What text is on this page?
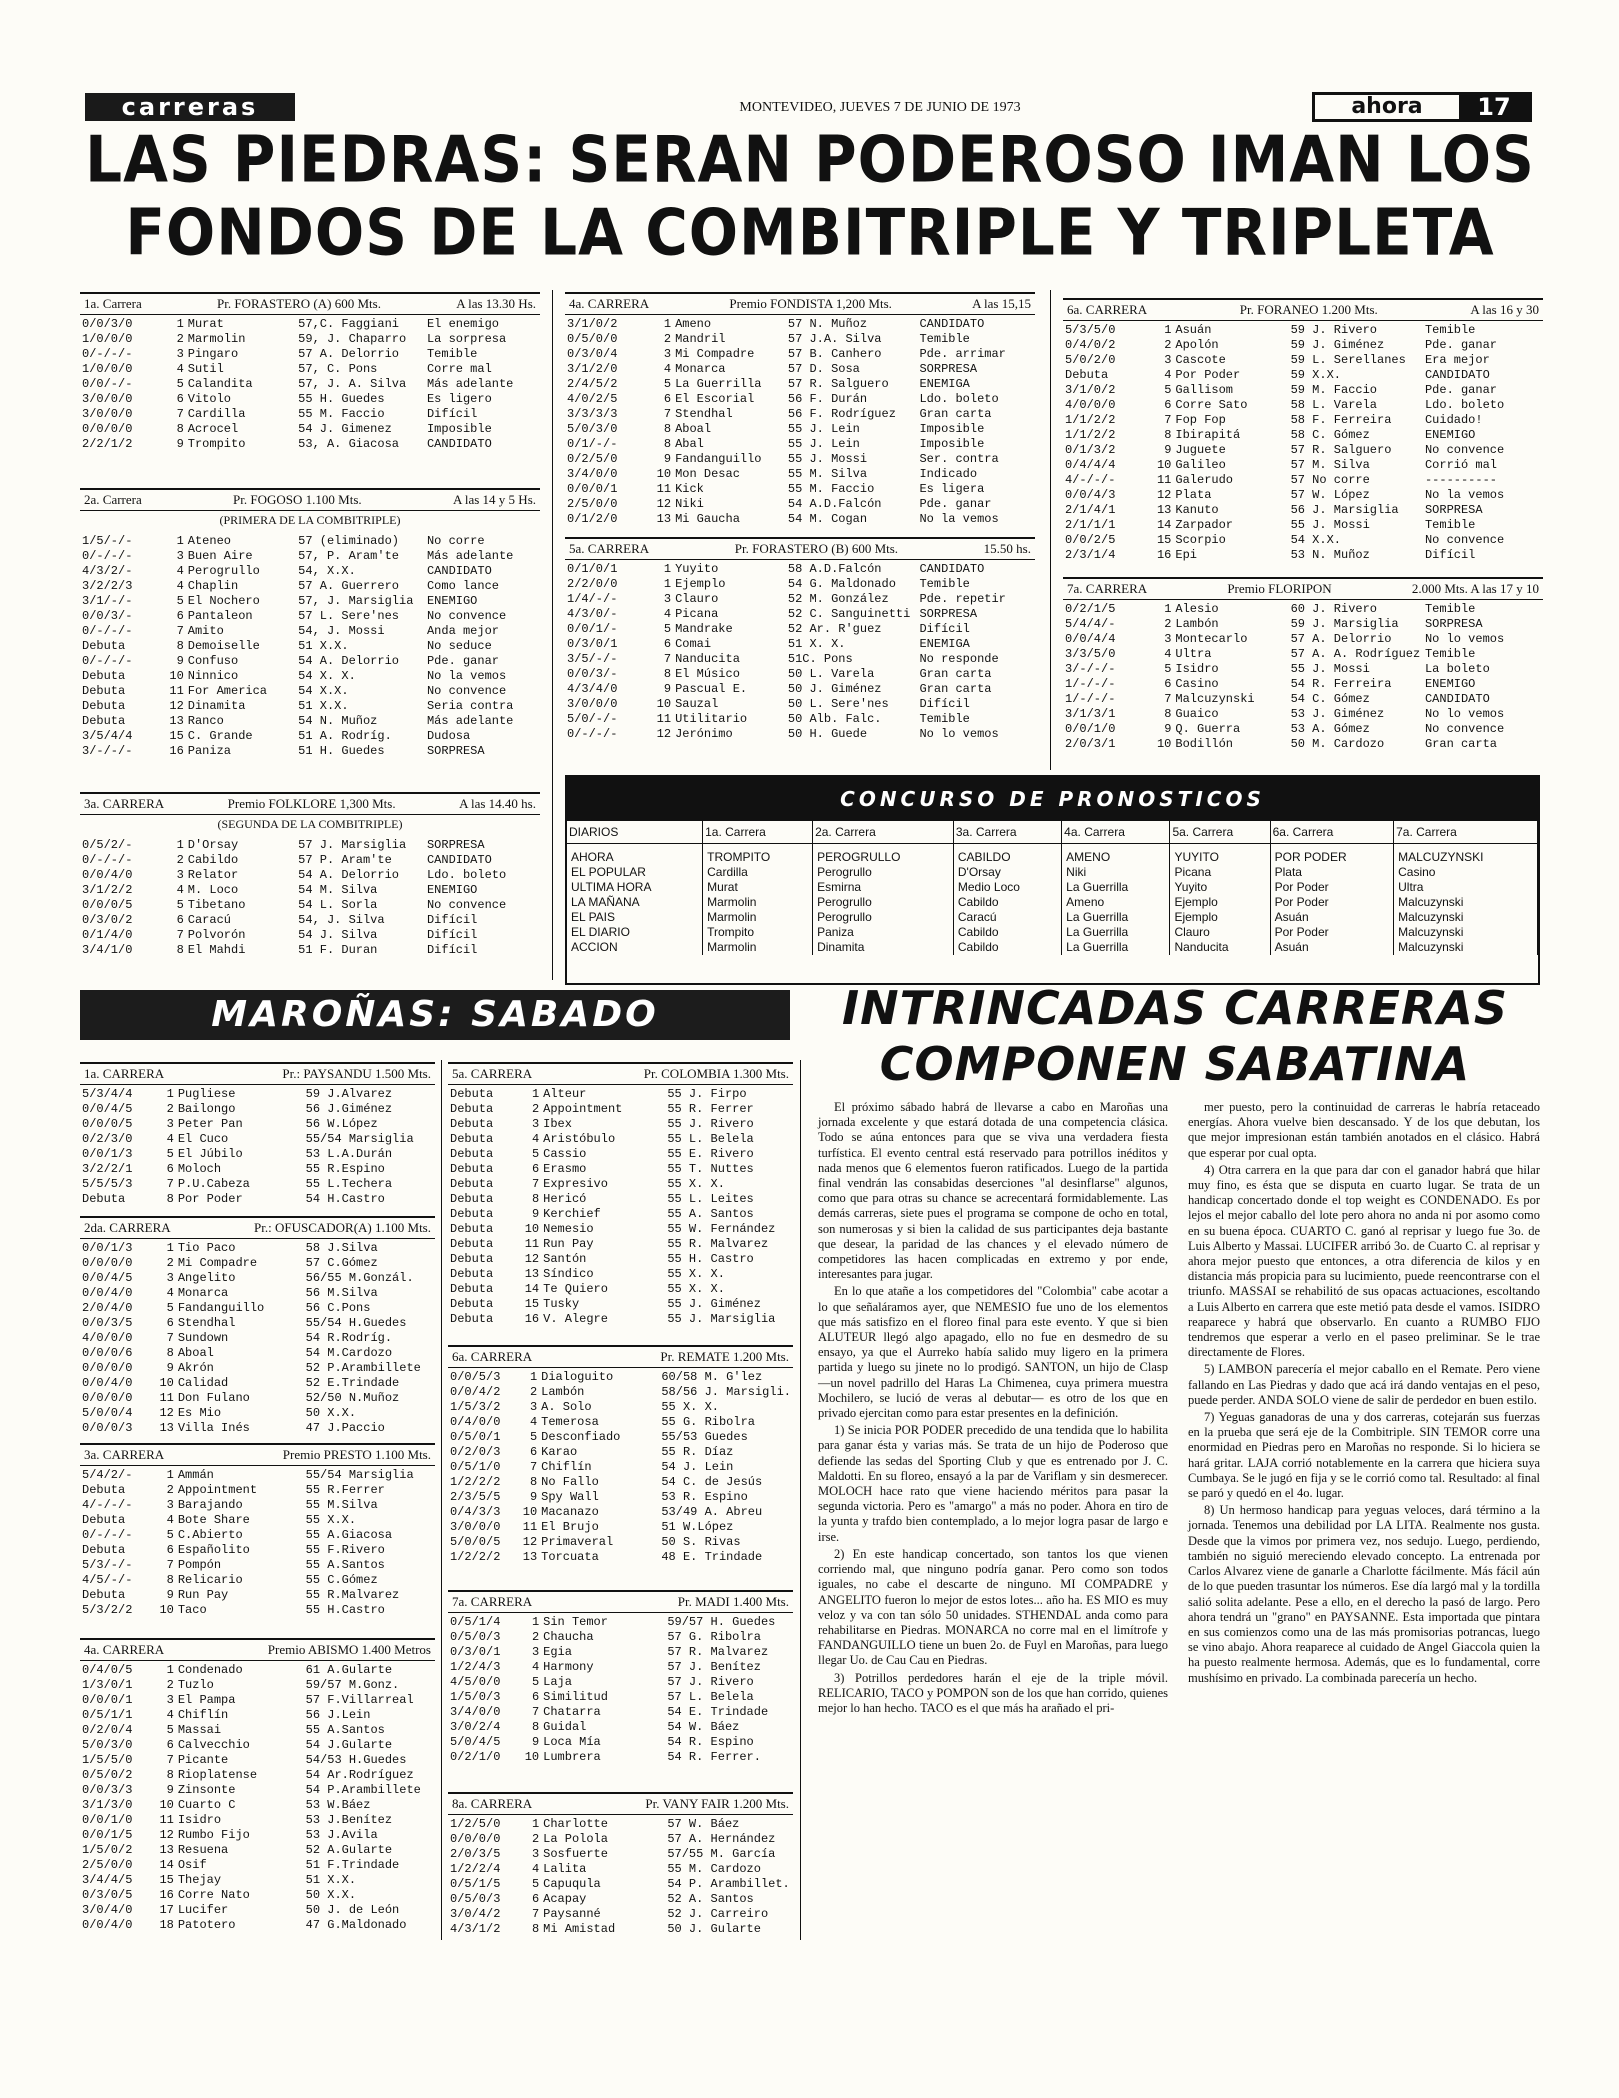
carreras	MONTEVIDEO, JUEVES 7 DE JUNIO DE 1973	ahora	17
LAS PIEDRAS: SERAN PODEROSO IMAN LOS
FONDOS DE LA COMBITRIPLE Y TRIPLETA
1a. Carrera	Pr. FORASTERO (A) 600 Mts.	A las 13.30 Hs.
0/0/3/0	1	Murat	57,C. Faggiani	El enemigo
1/0/0/0	2	Marmolin	59, J. Chaparro	La sorpresa
0/-/-/-	3	Pingaro	57 A. Delorrio	Temible
1/0/0/0	4	Sutil	57, C. Pons	Corre mal
0/0/-/-	5	Calandita	57, J. A. Silva	Más adelante
3/0/0/0	6	Vitolo	55 H. Guedes	Es ligero
3/0/0/0	7	Cardilla	55 M. Faccio	Difícil
0/0/0/0	8	Acrocel	54 J. Gimenez	Imposible
2/2/1/2	9	Trompito	53, A. Giacosa	CANDIDATO
2a. Carrera	Pr. FOGOSO 1.100 Mts.	A las 14 y 5 Hs.
(PRIMERA DE LA COMBITRIPLE)
1/5/-/-	1	Ateneo	57 (eliminado)	No corre
0/-/-/-	3	Buen Aire	57, P. Aram'te	Más adelante
4/3/2/-	4	Perogrullo	54, X.X.	CANDIDATO
3/2/2/3	4	Chaplin	57 A. Guerrero	Como lance
3/1/-/-	5	El Nochero	57, J. Marsiglia	ENEMIGO
0/0/3/-	6	Pantaleon	57 L. Sere'nes	No convence
0/-/-/-	7	Amito	54, J. Mossi	Anda mejor
Debuta	8	Demoiselle	51 X.X.	No seduce
0/-/-/-	9	Confuso	54 A. Delorrio	Pde. ganar
Debuta	10	Ninnico	54 X. X.	No la vemos
Debuta	11	For America	54 X.X.	No convence
Debuta	12	Dinamita	51 X.X.	Seria contra
Debuta	13	Ranco	54 N. Muñoz	Más adelante
3/5/4/4	15	C. Grande	51 A. Rodríg.	Dudosa
3/-/-/-	16	Paniza	51 H. Guedes	SORPRESA
3a. CARRERA	Premio FOLKLORE 1,300 Mts.	A las 14.40 hs.
(SEGUNDA DE LA COMBITRIPLE)
0/5/2/-	1	D'Orsay	57 J. Marsiglia	SORPRESA
0/-/-/-	2	Cabildo	57 P. Aram'te	CANDIDATO
0/0/4/0	3	Relator	54 A. Delorrio	Ldo. boleto
3/1/2/2	4	M. Loco	54 M. Silva	ENEMIGO
0/0/0/5	5	Tibetano	54 L. Sorla	No convence
0/3/0/2	6	Caracú	54, J. Silva	Difícil
0/1/4/0	7	Polvorón	54 J. Silva	Difícil
3/4/1/0	8	El Mahdi	51 F. Duran	Difícil
4a. CARRERA	Premio FONDISTA 1,200 Mts.	A las 15,15
3/1/0/2	1	Ameno	57 N. Muñoz	CANDIDATO
0/5/0/0	2	Mandril	57 J.A. Silva	Temible
0/3/0/4	3	Mi Compadre	57 B. Canhero	Pde. arrimar
3/1/2/0	4	Monarca	57 D. Sosa	SORPRESA
2/4/5/2	5	La Guerrilla	57 R. Salguero	ENEMIGA
4/0/2/5	6	El Escorial	56 F. Durán	Ldo. boleto
3/3/3/3	7	Stendhal	56 F. Rodríguez	Gran carta
5/0/3/0	8	Aboal	55 J. Lein	Imposible
0/1/-/-	8	Abal	55 J. Lein	Imposible
0/2/5/0	9	Fandanguillo	55 J. Mossi	Ser. contra
3/4/0/0	10	Mon Desac	55 M. Silva	Indicado
0/0/0/1	11	Kick	55 M. Faccio	Es ligera
2/5/0/0	12	Niki	54 A.D.Falcón	Pde. ganar
0/1/2/0	13	Mi Gaucha	54 M. Cogan	No la vemos
5a. CARRERA	Pr. FORASTERO (B) 600 Mts.	15.50 hs.
0/1/0/1	1	Yuyito	58 A.D.Falcón	CANDIDATO
2/2/0/0	1	Ejemplo	54 G. Maldonado	Temible
1/4/-/-	3	Clauro	52 M. González	Pde. repetir
4/3/0/-	4	Picana	52 C. Sanguinetti	SORPRESA
0/0/1/-	5	Mandrake	52 Ar. R'guez	Difícil
0/3/0/1	6	Comai	51 X. X.	ENEMIGA
3/5/-/-	7	Nanducita	51C. Pons	No responde
0/0/3/-	8	El Músico	50 L. Varela	Gran carta
4/3/4/0	9	Pascual E.	50 J. Giménez	Gran carta
3/0/0/0	10	Sauzal	50 L. Sere'nes	Difícil
5/0/-/-	11	Utilitario	50 Alb. Falc.	Temible
0/-/-/-	12	Jerónimo	50 H. Guede	No lo vemos
6a. CARRERA	Pr. FORANEO 1.200 Mts.	A las 16 y 30
5/3/5/0	1	Asuán	59 J. Rivero	Temible
0/4/0/2	2	Apolón	59 J. Giménez	Pde. ganar
5/0/2/0	3	Cascote	59 L. Serellanes	Era mejor
Debuta	4	Por Poder	59 X.X.	CANDIDATO
3/1/0/2	5	Gallisom	59 M. Faccio	Pde. ganar
4/0/0/0	6	Corre Sato	58 L. Varela	Ldo. boleto
1/1/2/2	7	Fop Fop	58 F. Ferreira	Cuidado!
1/1/2/2	8	Ibirapitá	58 C. Gómez	ENEMIGO
0/1/3/2	9	Juguete	57 R. Salguero	No convence
0/4/4/4	10	Galileo	57 M. Silva	Corrió mal
4/-/-/-	11	Galerudo	57 No corre	----------
0/0/4/3	12	Plata	57 W. López	No la vemos
2/1/4/1	13	Kanuto	56 J. Marsiglia	SORPRESA
2/1/1/1	14	Zarpador	55 J. Mossi	Temible
0/0/2/5	15	Scorpio	54 X.X.	No convence
2/3/1/4	16	Epi	53 N. Muñoz	Difícil
7a. CARRERA	Premio FLORIPON	2.000 Mts. A las 17 y 10
0/2/1/5	1	Alesio	60 J. Rivero	Temible
5/4/4/-	2	Lambón	59 J. Marsiglia	SORPRESA
0/0/4/4	3	Montecarlo	57 A. Delorrio	No lo vemos
3/3/5/0	4	Ultra	57 A. A. Rodríguez	Temible
3/-/-/-	5	Isidro	55 J. Mossi	La boleto
1/-/-/-	6	Casino	54 R. Ferreira	ENEMIGO
1/-/-/-	7	Malcuzynski	54 C. Gómez	CANDIDATO
3/1/3/1	8	Guaico	53 J. Giménez	No lo vemos
0/0/1/0	9	Q. Guerra	53 A. Gómez	No convence
2/0/3/1	10	Bodillón	50 M. Cardozo	Gran carta
CONCURSO DE PRONOSTICOS
DIARIOS	1a. Carrera	2a. Carrera	3a. Carrera	4a. Carrera	5a. Carrera	6a. Carrera	7a. Carrera
AHORA	TROMPITO	PEROGRULLO	CABILDO	AMENO	YUYITO	POR PODER	MALCUZYNSKI
EL POPULAR	Cardilla	Perogrullo	D'Orsay	Niki	Picana	Plata	Casino
ULTIMA HORA	Murat	Esmirna	Medio Loco	La Guerrilla	Yuyito	Por Poder	Ultra
LA MAÑANA	Marmolin	Perogrullo	Cabildo	Ameno	Ejemplo	Por Poder	Malcuzynski
EL PAIS	Marmolin	Perogrullo	Caracú	La Guerrilla	Ejemplo	Asuán	Malcuzynski
EL DIARIO	Trompito	Paniza	Cabildo	La Guerrilla	Clauro	Por Poder	Malcuzynski
ACCION	Marmolin	Dinamita	Cabildo	La Guerrilla	Nanducita	Asuán	Malcuzynski
MAROÑAS: SABADO
1a. CARRERA	Pr.: PAYSANDU 1.500 Mts.
5/3/4/4	1	Pugliese	59 J.Alvarez
0/0/4/5	2	Bailongo	56 J.Giménez
0/0/0/5	3	Peter Pan	56 W.López
0/2/3/0	4	El Cuco	55/54 Marsiglia
0/0/1/3	5	El Júbilo	53 L.A.Durán
3/2/2/1	6	Moloch	55 R.Espino
5/5/5/3	7	P.U.Cabeza	55 L.Techera
Debuta	8	Por Poder	54 H.Castro
2da. CARRERA	Pr.: OFUSCADOR(A) 1.100 Mts.
0/0/1/3	1	Tio Paco	58 J.Silva
0/0/0/0	2	Mi Compadre	57 C.Gómez
0/0/4/5	3	Angelito	56/55 M.Gonzál.
0/0/4/0	4	Monarca	56 M.Silva
2/0/4/0	5	Fandanguillo	56 C.Pons
0/0/3/5	6	Stendhal	55/54 H.Guedes
4/0/0/0	7	Sundown	54 R.Rodríg.
0/0/0/6	8	Aboal	54 M.Cardozo
0/0/0/0	9	Akrón	52 P.Arambillete
0/0/4/0	10	Calidad	52 E.Trindade
0/0/0/0	11	Don Fulano	52/50 N.Muñoz
5/0/0/4	12	Es Mio	50 X.X.
0/0/0/3	13	Villa Inés	47 J.Paccio
3a. CARRERA	Premio PRESTO 1.100 Mts.
5/4/2/-	1	Ammán	55/54 Marsiglia
Debuta	2	Appointment	55 R.Ferrer
4/-/-/-	3	Barajando	55 M.Silva
Debuta	4	Bote Share	55 X.X.
0/-/-/-	5	C.Abierto	55 A.Giacosa
Debuta	6	Españolito	55 F.Rivero
5/3/-/-	7	Pompón	55 A.Santos
4/5/-/-	8	Relicario	55 C.Gómez
Debuta	9	Run Pay	55 R.Malvarez
5/3/2/2	10	Taco	55 H.Castro
4a. CARRERA	Premio ABISMO 1.400 Metros
0/4/0/5	1	Condenado	61 A.Gularte
1/3/0/1	2	Tuzlo	59/57 M.Gonz.
0/0/0/1	3	El Pampa	57 F.Villarreal
0/5/1/1	4	Chiflín	56 J.Lein
0/2/0/4	5	Massai	55 A.Santos
5/0/3/0	6	Calvecchio	54 J.Gularte
1/5/5/0	7	Picante	54/53 H.Guedes
0/5/0/2	8	Rioplatense	54 Ar.Rodríguez
0/0/3/3	9	Zinsonte	54 P.Arambillete
3/1/3/0	10	Cuarto C	53 W.Báez
0/0/1/0	11	Isidro	53 J.Benítez
0/0/1/5	12	Rumbo Fijo	53 J.Avila
1/5/0/2	13	Resuena	52 A.Gularte
2/5/0/0	14	Osif	51 F.Trindade
3/4/4/5	15	Thejay	51 X.X.
0/3/0/5	16	Corre Nato	50 X.X.
3/0/4/0	17	Lucifer	50 J. de León
0/0/4/0	18	Patotero	47 G.Maldonado
5a. CARRERA	Pr. COLOMBIA 1.300 Mts.
Debuta	1	Alteur	55 J. Firpo
Debuta	2	Appointment	55 R. Ferrer
Debuta	3	Ibex	55 J. Rivero
Debuta	4	Aristóbulo	55 L. Belela
Debuta	5	Cassio	55 E. Rivero
Debuta	6	Erasmo	55 T. Nuttes
Debuta	7	Expresivo	55 X. X.
Debuta	8	Hericó	55 L. Leites
Debuta	9	Kerchief	55 A. Santos
Debuta	10	Nemesio	55 W. Fernández
Debuta	11	Run Pay	55 R. Malvarez
Debuta	12	Santón	55 H. Castro
Debuta	13	Síndico	55 X. X.
Debuta	14	Te Quiero	55 X. X.
Debuta	15	Tusky	55 J. Giménez
Debuta	16	V. Alegre	55 J. Marsiglia
6a. CARRERA	Pr. REMATE 1.200 Mts.
0/0/5/3	1	Dialoguito	60/58 M. G'lez
0/0/4/2	2	Lambón	58/56 J. Marsigli.
1/5/3/2	3	A. Solo	55 X. X.
0/4/0/0	4	Temerosa	55 G. Ribolra
0/5/0/1	5	Desconfiado	55/53 Guedes
0/2/0/3	6	Karao	55 R. Díaz
0/5/1/0	7	Chiflín	54 J. Lein
1/2/2/2	8	No Fallo	54 C. de Jesús
2/3/5/5	9	Spy Wall	53 R. Espino
0/4/3/3	10	Macanazo	53/49 A. Abreu
3/0/0/0	11	El Brujo	51 W.López
5/0/0/5	12	Primaveral	50 S. Rivas
1/2/2/2	13	Torcuata	48 E. Trindade
7a. CARRERA	Pr. MADI 1.400 Mts.
0/5/1/4	1	Sin Temor	59/57 H. Guedes
0/5/0/3	2	Chaucha	57 G. Ribolra
0/3/0/1	3	Egia	57 R. Malvarez
1/2/4/3	4	Harmony	57 J. Benítez
4/5/0/0	5	Laja	57 J. Rivero
1/5/0/3	6	Similitud	57 L. Belela
3/4/0/0	7	Chatarra	54 E. Trindade
3/0/2/4	8	Guidal	54 W. Báez
5/0/4/5	9	Loca Mía	54 R. Espino
0/2/1/0	10	Lumbrera	54 R. Ferrer.
8a. CARRERA	Pr. VANY FAIR 1.200 Mts.
1/2/5/0	1	Charlotte	57 W. Báez
0/0/0/0	2	La Polola	57 A. Hernández
2/0/3/5	3	Sosfuerte	57/55 M. García
1/2/2/4	4	Lalita	55 M. Cardozo
0/5/1/5	5	Capuqula	54 P. Arambillet.
0/5/0/3	6	Acapay	52 A. Santos
3/0/4/2	7	Paysanné	52 J. Carreiro
4/3/1/2	8	Mi Amistad	50 J. Gularte
INTRINCADAS CARRERAS
COMPONEN SABATINA

El próximo sábado habrá de llevarse a cabo en Maroñas una jornada excelente y que estará dotada de una competencia clásica. Todo se aúna entonces para que se viva una verdadera fiesta turfística. El evento central está reservado para potrillos inéditos y nada menos que 6 elementos fueron ratificados. Luego de la partida final vendrán las consabidas deserciones "al desinflarse" algunos, como que para otras su chance se acrecentará formidablemente. Las demás carreras, siete pues el programa se compone de ocho en total, son numerosas y si bien la calidad de sus participantes deja bastante que desear, la paridad de las chances y el elevado número de competidores las hacen complicadas en extremo y por ende, interesantes para jugar.

En lo que atañe a los competidores del "Colombia" cabe acotar a lo que señaláramos ayer, que NEMESIO fue uno de los elementos que más satisfizo en el floreo final para este evento. Y que si bien ALUTEUR llegó algo apagado, ello no fue en desmedro de su ensayo, ya que el Aurreko había salido muy ligero en la primera partida y luego su jinete no lo prodigó. SANTON, un hijo de Clasp —un novel padrillo del Haras La Chimenea, cuya primera muestra Mochilero, se lució de veras al debutar— es otro de los que en privado ejercitan como para estar presentes en la definición.

1) Se inicia POR PODER precedido de una tendida que lo habilita para ganar ésta y varias más. Se trata de un hijo de Poderoso que defiende las sedas del Sporting Club y que es entrenado por J. C. Maldotti. En su floreo, ensayó a la par de Variflam y sin desmerecer. MOLOCH hace rato que viene haciendo méritos para pasar la segunda victoria. Pero es "amargo" a más no poder. Ahora en tiro de la yunta y trafdo bien contemplado, a lo mejor logra pasar de largo e irse.

2) En este handicap concertado, son tantos los que vienen corriendo mal, que ninguno podría ganar. Pero como son todos iguales, no cabe el descarte de ninguno. MI COMPADRE y ANGELITO fueron lo mejor de estos lotes... año ha. ES MIO es muy veloz y va con tan sólo 50 unidades. STHENDAL anda como para rehabilitarse en Piedras. MONARCA no corre mal en el limítrofe y FANDANGUILLO tiene un buen 2o. de Fuyl en Maroñas, para luego llegar Uo. de Cau Cau en Piedras.

3) Potrillos perdedores harán el eje de la triple móvil. RELICARIO, TACO y POMPON son de los que han corrido, quienes mejor lo han hecho. TACO es el que más ha arañado el pri-

mer puesto, pero la continuidad de carreras le habría retaceado energías. Ahora vuelve bien descansado. Y de los que debutan, los que mejor impresionan están también anotados en el clásico. Habrá que esperar por cual opta.

4) Otra carrera en la que para dar con el ganador habrá que hilar muy fino, es ésta que se disputa en cuarto lugar. Se trata de un handicap concertado donde el top weight es CONDENADO. Es por lejos el mejor caballo del lote pero ahora no anda ni por asomo como en su buena época. CUARTO C. ganó al reprisar y luego fue 3o. de Luis Alberto y Massai. LUCIFER arribó 3o. de Cuarto C. al reprisar y ahora mejor puesto que entonces, a otra diferencia de kilos y en distancia más propicia para su lucimiento, puede reencontrarse con el triunfo. MASSAI se rehabilitó de sus opacas actuaciones, escoltando a Luis Alberto en carrera que este metió pata desde el vamos. ISIDRO reaparece y habrá que observarlo. En cuanto a RUMBO FIJO tendremos que esperar a verlo en el paseo preliminar. Se le trae directamente de Flores.

5) LAMBON parecería el mejor caballo en el Remate. Pero viene fallando en Las Piedras y dado que acá irá dando ventajas en el peso, puede perder. ANDA SOLO viene de salir de perdedor en buen estilo.

7) Yeguas ganadoras de una y dos carreras, cotejarán sus fuerzas en la prueba que será eje de la Combitriple. SIN TEMOR corre una enormidad en Piedras pero en Maroñas no responde. Si lo hiciera se hará gritar. LAJA corrió notablemente en la carrera que hiciera suya Cumbaya. Se le jugó en fija y se le corrió como tal. Resultado: al final se paró y quedó en el 4o. lugar.

8) Un hermoso handicap para yeguas veloces, dará término a la jornada. Tenemos una debilidad por LA LITA. Realmente nos gusta. Desde que la vimos por primera vez, nos sedujo. Luego, perdiendo, también no siguió mereciendo elevado concepto. La entrenada por Carlos Alvarez viene de ganarle a Charlotte fácilmente. Más fácil aún de lo que pueden trasuntar los números. Ese día largó mal y la tordilla salió solita adelante. Pese a ello, en el derecho la pasó de largo. Pero ahora tendrá un "grano" en PAYSANNE. Esta importada que pintara en sus comienzos como una de las más promisorias potrancas, luego se vino abajo. Ahora reaparece al cuidado de Angel Giaccola quien la ha puesto realmente hermosa. Además, que es lo fundamental, corre mushísimo en privado. La combinada parecería un hecho.
